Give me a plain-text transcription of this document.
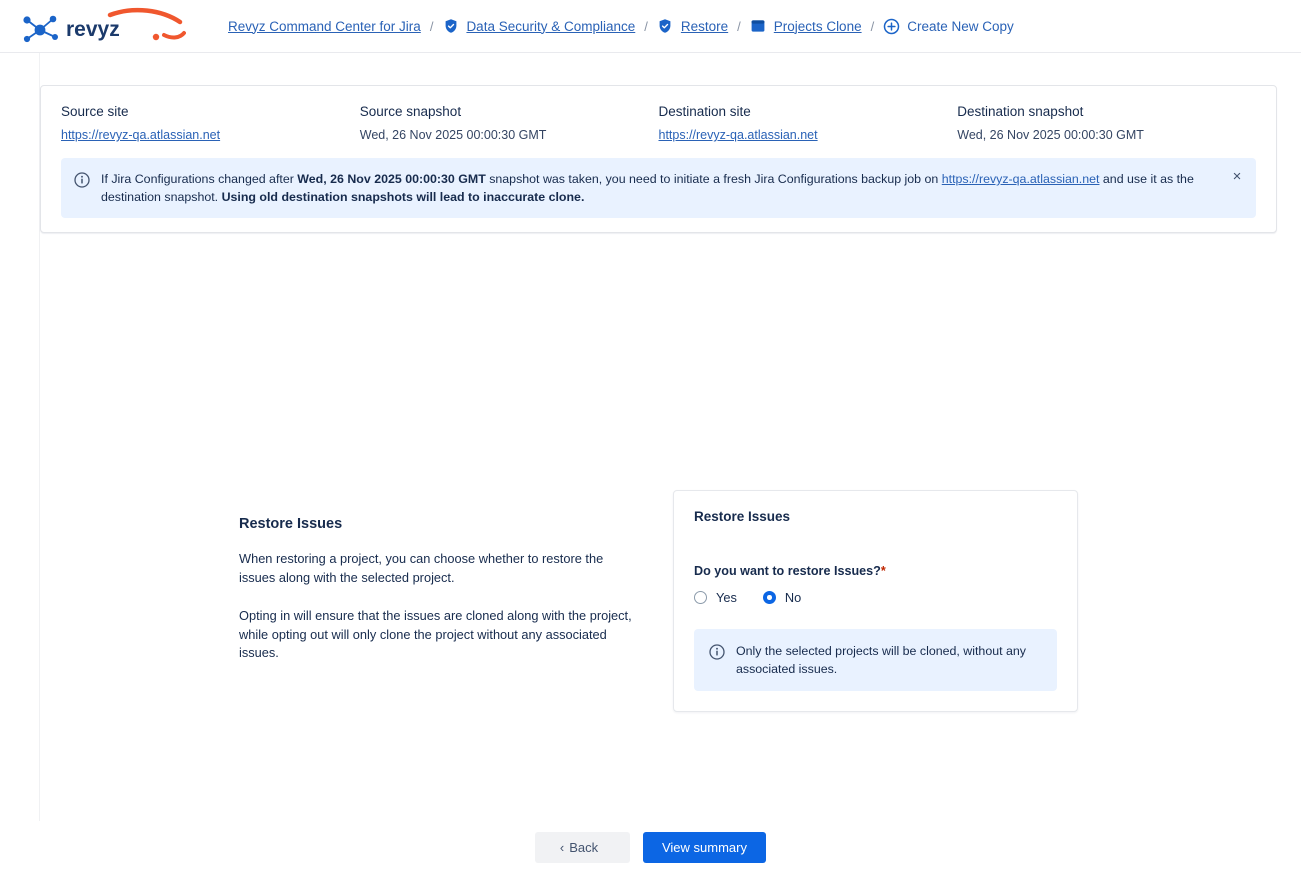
revyz	Revyz Command Center for Jira /	Data Security & Compliance /	Restore /	Projects Clone /	Create New Copy
Source site
https://revyz-qa.atlassian.net
Source snapshot
Wed, 26 Nov 2025 00:00:30 GMT
Destination site
https://revyz-qa.atlassian.net
Destination snapshot
Wed, 26 Nov 2025 00:00:30 GMT
If Jira Configurations changed after Wed, 26 Nov 2025 00:00:30 GMT snapshot was taken, you need to initiate a fresh Jira Configurations backup job on https://revyz-qa.atlassian.net and use it as the destination snapshot. Using old destination snapshots will lead to inaccurate clone.
×
Restore Issues

When restoring a project, you can choose whether to restore the issues along with the selected project.

Opting in will ensure that the issues are cloned along with the project, while opting out will only clone the project without any associated issues.

Restore Issues
Do you want to restore Issues?*
Yes	No
Only the selected projects will be cloned, without any associated issues.
‹ Back	View summary
